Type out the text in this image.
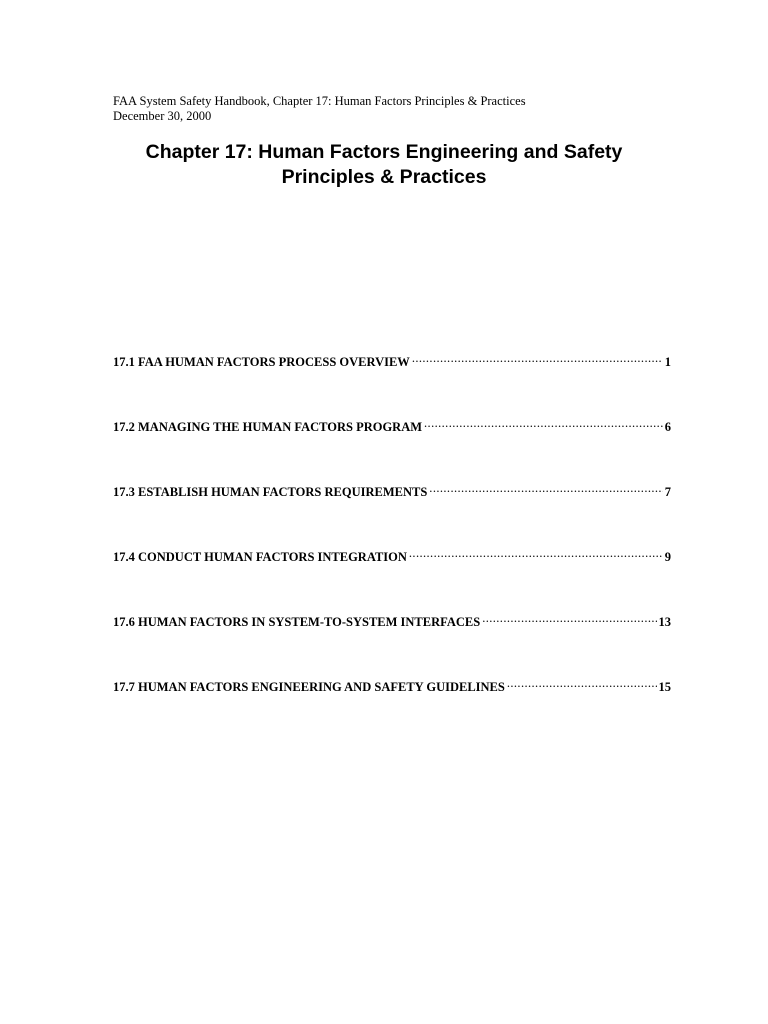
FAA System Safety Handbook, Chapter 17: Human Factors Principles & Practices
December 30, 2000
Chapter 17: Human Factors Engineering and Safety
Principles & Practices
17.1 FAA HUMAN FACTORS PROCESS OVERVIEW .....	1
17.2 MANAGING THE HUMAN FACTORS PROGRAM .....	6
17.3 ESTABLISH HUMAN FACTORS REQUIREMENTS .....	7
17.4 CONDUCT HUMAN FACTORS INTEGRATION .....	9
17.6 HUMAN FACTORS IN SYSTEM-TO-SYSTEM INTERFACES .....	13
17.7 HUMAN FACTORS ENGINEERING AND SAFETY GUIDELINES .....	15
